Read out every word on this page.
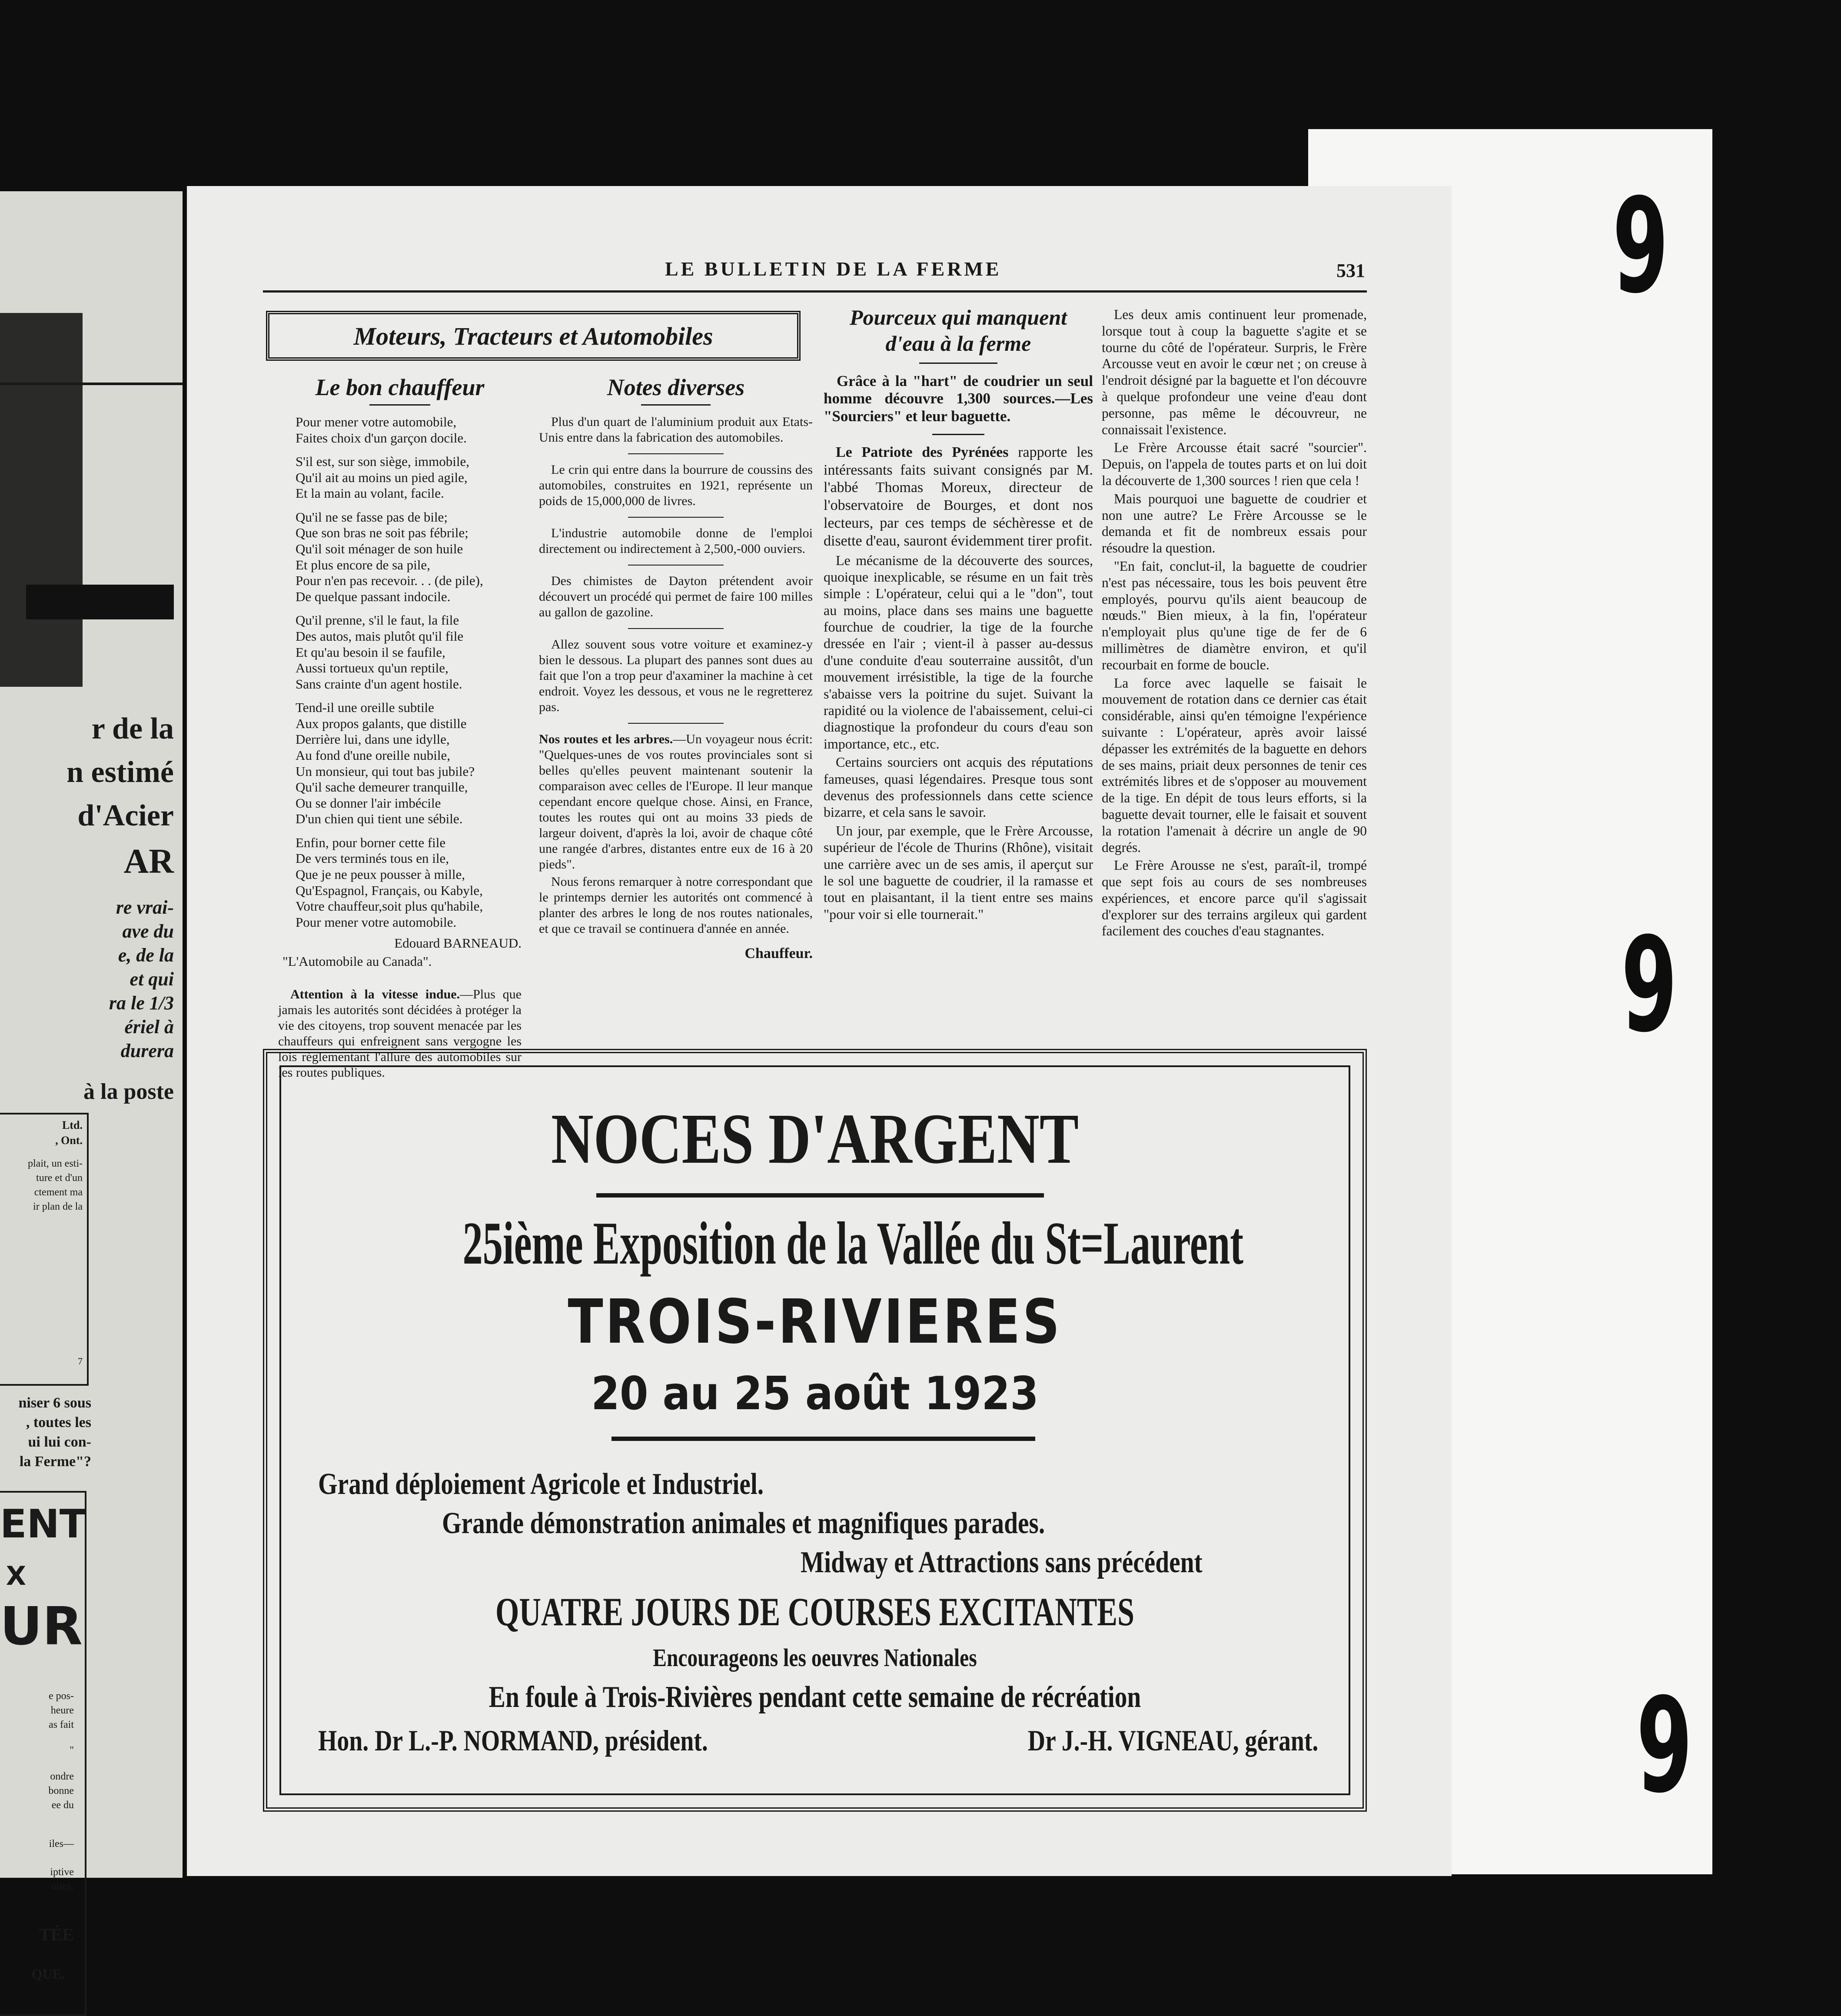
r de la
n estimé
d'Acier
AR
re vrai-
ave du
e, de la
et qui
ra le 1/3
ériel à
durera
à la poste
Ltd.
, Ont.
plait, un esti-
ture et d'un
ctement ma
ir plan de la
7
niser 6 sous
, toutes les
ui lui con-
la Ferme"?
ENT
X
UR
e pos-
heure
as fait
"
ondre
bonne
ee du
iles—
iptive
oires.
TÉE
QUE.
9
9
9
LE BULLETIN DE LA FERME	531
Moteurs, Tracteurs et Automobiles
Le bon chauffeur

Pour mener votre automobile,
Faites choix d'un garçon docile.

S'il est, sur son siège, immobile,
Qu'il ait au moins un pied agile,
Et la main au volant, facile.

Qu'il ne se fasse pas de bile;
Que son bras ne soit pas fébrile;
Qu'il soit ménager de son huile
Et plus encore de sa pile,
Pour n'en pas recevoir. . . (de pile),
De quelque passant indocile.

Qu'il prenne, s'il le faut, la file
Des autos, mais plutôt qu'il file
Et qu'au besoin il se faufile,
Aussi tortueux qu'un reptile,
Sans crainte d'un agent hostile.

Tend-il une oreille subtile
Aux propos galants, que distille
Derrière lui, dans une idylle,
Au fond d'une oreille nubile,
Un monsieur, qui tout bas jubile?
Qu'il sache demeurer tranquille,
Ou se donner l'air imbécile
D'un chien qui tient une sébile.

Enfin, pour borner cette file
De vers terminés tous en ile,
Que je ne peux pousser à mille,
Qu'Espagnol, Français, ou Kabyle,
Votre chauffeur,soit plus qu'habile,
Pour mener votre automobile.

Edouard BARNEAUD.
"L'Automobile au Canada".

Attention à la vitesse indue.—Plus que jamais les autorités sont décidées à protéger la vie des citoyens, trop souvent menacée par les chauffeurs qui enfreignent sans vergogne les lois réglementant l'allure des automobiles sur les routes publiques.

Notes diverses

Plus d'un quart de l'aluminium produit aux Etats-Unis entre dans la fabrication des automobiles.

Le crin qui entre dans la bourrure de coussins des automobiles, construites en 1921, représente un poids de 15,000,000 de livres.

L'industrie automobile donne de l'emploi directement ou indirectement à 2,500,-000 ouviers.

Des chimistes de Dayton prétendent avoir découvert un procédé qui permet de faire 100 milles au gallon de gazoline.

Allez souvent sous votre voiture et examinez-y bien le dessous. La plupart des pannes sont dues au fait que l'on a trop peur d'axaminer la machine à cet endroit. Voyez les dessous, et vous ne le regretterez pas.

Nos routes et les arbres.—Un voyageur nous écrit: "Quelques-unes de vos routes provinciales sont si belles qu'elles peuvent maintenant soutenir la comparaison avec celles de l'Europe. Il leur manque cependant encore quelque chose. Ainsi, en France, toutes les routes qui ont au moins 33 pieds de largeur doivent, d'après la loi, avoir de chaque côté une rangée d'arbres, distantes entre eux de 16 à 20 pieds".

Nous ferons remarquer à notre correspondant que le printemps dernier les autorités ont commencé à planter des arbres le long de nos routes nationales, et que ce travail se continuera d'année en année.

Chauffeur.
Pourceux qui manquent d'eau à la ferme
Grâce à la "hart" de coudrier un seul homme découvre 1,300 sources.—Les "Sourciers" et leur baguette.

Le Patriote des Pyrénées rapporte les intéressants faits suivant consignés par M. l'abbé Thomas Moreux, directeur de l'observatoire de Bourges, et dont nos lecteurs, par ces temps de séchèresse et de disette d'eau, sauront évidemment tirer profit.

Le mécanisme de la découverte des sources, quoique inexplicable, se résume en un fait très simple : L'opérateur, celui qui a le "don", tout au moins, place dans ses mains une baguette fourchue de coudrier, la tige de la fourche dressée en l'air ; vient-il à passer au-dessus d'une conduite d'eau souterraine aussitôt, d'un mouvement irrésistible, la tige de la fourche s'abaisse vers la poitrine du sujet. Suivant la rapidité ou la violence de l'abaissement, celui-ci diagnostique la profondeur du cours d'eau son importance, etc., etc.

Certains sourciers ont acquis des réputations fameuses, quasi légendaires. Presque tous sont devenus des professionnels dans cette science bizarre, et cela sans le savoir.

Un jour, par exemple, que le Frère Arcousse, supérieur de l'école de Thurins (Rhône), visitait une carrière avec un de ses amis, il aperçut sur le sol une baguette de coudrier, il la ramasse et tout en plaisantant, il la tient entre ses mains "pour voir si elle tournerait."

Les deux amis continuent leur promenade, lorsque tout à coup la baguette s'agite et se tourne du côté de l'opérateur. Surpris, le Frère Arcousse veut en avoir le cœur net ; on creuse à l'endroit désigné par la baguette et l'on découvre à quelque profondeur une veine d'eau dont personne, pas même le découvreur, ne connaissait l'existence.

Le Frère Arcousse était sacré "sourcier". Depuis, on l'appela de toutes parts et on lui doit la découverte de 1,300 sources ! rien que cela !

Mais pourquoi une baguette de coudrier et non une autre? Le Frère Arcousse se le demanda et fit de nombreux essais pour résoudre la question.

"En fait, conclut-il, la baguette de coudrier n'est pas nécessaire, tous les bois peuvent être employés, pourvu qu'ils aient beaucoup de nœuds." Bien mieux, à la fin, l'opérateur n'employait plus qu'une tige de fer de 6 millimètres de diamètre environ, et qu'il recourbait en forme de boucle.

La force avec laquelle se faisait le mouvement de rotation dans ce dernier cas était considérable, ainsi qu'en témoigne l'expérience suivante : L'opérateur, après avoir laissé dépasser les extrémités de la baguette en dehors de ses mains, priait deux personnes de tenir ces extrémités libres et de s'opposer au mouvement de la tige. En dépit de tous leurs efforts, si la baguette devait tourner, elle le faisait et souvent la rotation l'amenait à décrire un angle de 90 degrés.

Le Frère Arousse ne s'est, paraît-il, trompé que sept fois au cours de ses nombreuses expériences, et encore parce qu'il s'agissait d'explorer sur des terrains argileux qui gardent facilement des couches d'eau stagnantes.

NOCES D'ARGENT
25ième Exposition de la Vallée du St=Laurent
TROIS-RIVIERES
20 au 25 août 1923
Grand déploiement Agricole et Industriel.
Grande démonstration animales et magnifiques parades.
Midway et Attractions sans précédent
QUATRE JOURS DE COURSES EXCITANTES
Encourageons les oeuvres Nationales
En foule à Trois-Rivières pendant cette semaine de récréation
Hon. Dr L.-P. NORMAND, président.	Dr J.-H. VIGNEAU, gérant.
